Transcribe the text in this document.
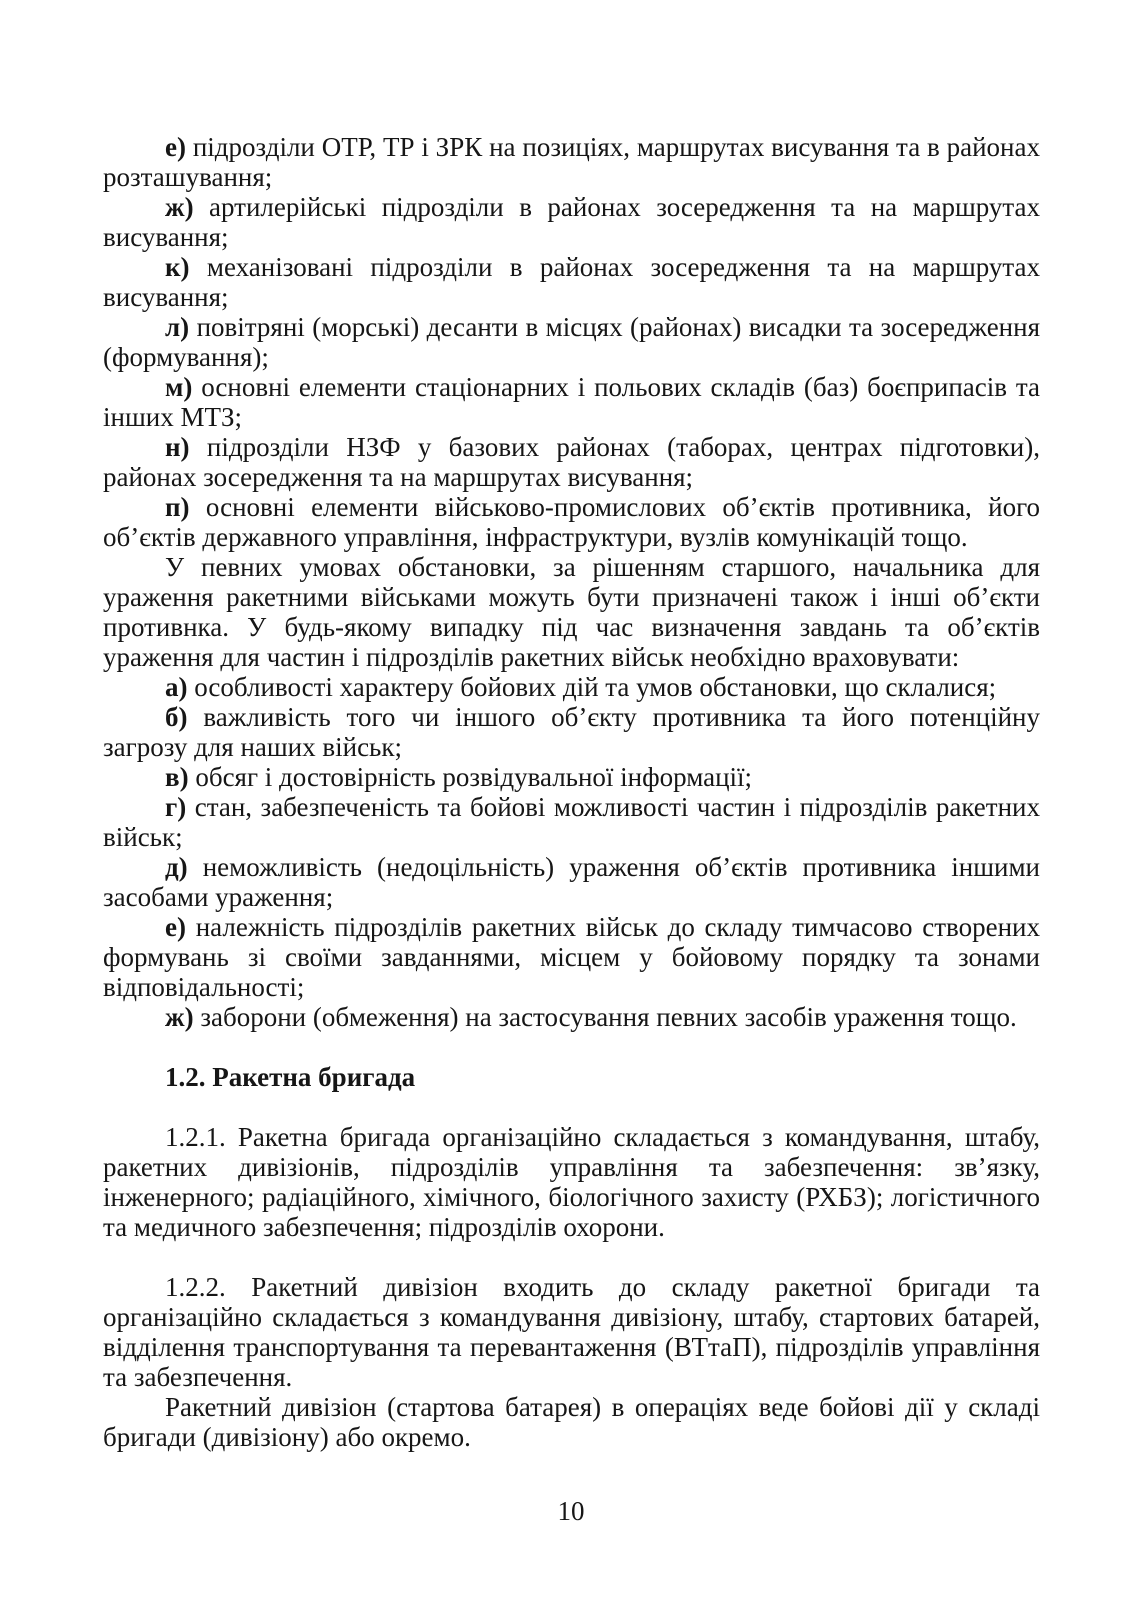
е) підрозділи ОТР, ТР і ЗРК на позиціях, маршрутах висування та в районах розташування;

ж) артилерійські підрозділи в районах зосередження та на маршрутах висування;

к) механізовані підрозділи в районах зосередження та на маршрутах висування;

л) повітряні (морські) десанти в місцях (районах) висадки та зосередження (формування);

м) основні елементи стаціонарних і польових складів (баз) боєприпасів та інших МТЗ;

н) підрозділи НЗФ у базових районах (таборах, центрах підготовки), районах зосередження та на маршрутах висування;

п) основні елементи військово-промислових об’єктів противника, його об’єктів державного управління, інфраструктури, вузлів комунікацій тощо.

У певних умовах обстановки, за рішенням старшого, начальника для ураження ракетними військами можуть бути призначені також і інші об’єкти противнка. У будь-якому випадку під час визначення завдань та об’єктів ураження для частин і підрозділів ракетних військ необхідно враховувати:

а) особливості характеру бойових дій та умов обстановки, що склалися;

б) важливість того чи іншого об’єкту противника та його потенційну загрозу для наших військ;

в) обсяг і достовірність розвідувальної інформації;

г) стан, забезпеченість та бойові можливості частин і підрозділів ракетних військ;

д) неможливість (недоцільність) ураження об’єктів противника іншими засобами ураження;

е) належність підрозділів ракетних військ до складу тимчасово створених формувань зі своїми завданнями, місцем у бойовому порядку та зонами відповідальності;

ж) заборони (обмеження) на застосування певних засобів ураження тощо.

1.2. Ракетна бригада

1.2.1. Ракетна бригада організаційно складається з командування, штабу, ракетних дивізіонів, підрозділів управління та забезпечення: зв’язку, інженерного; радіаційного, хімічного, біологічного захисту (РХБЗ); логістичного та медичного забезпечення; підрозділів охорони.

1.2.2. Ракетний дивізіон входить до складу ракетної бригади та організаційно складається з командування дивізіону, штабу, стартових батарей, відділення транспортування та перевантаження (ВТтаП), підрозділів управління та забезпечення.

Ракетний дивізіон (стартова батарея) в операціях веде бойові дії у складі бригади (дивізіону) або окремо.

10
